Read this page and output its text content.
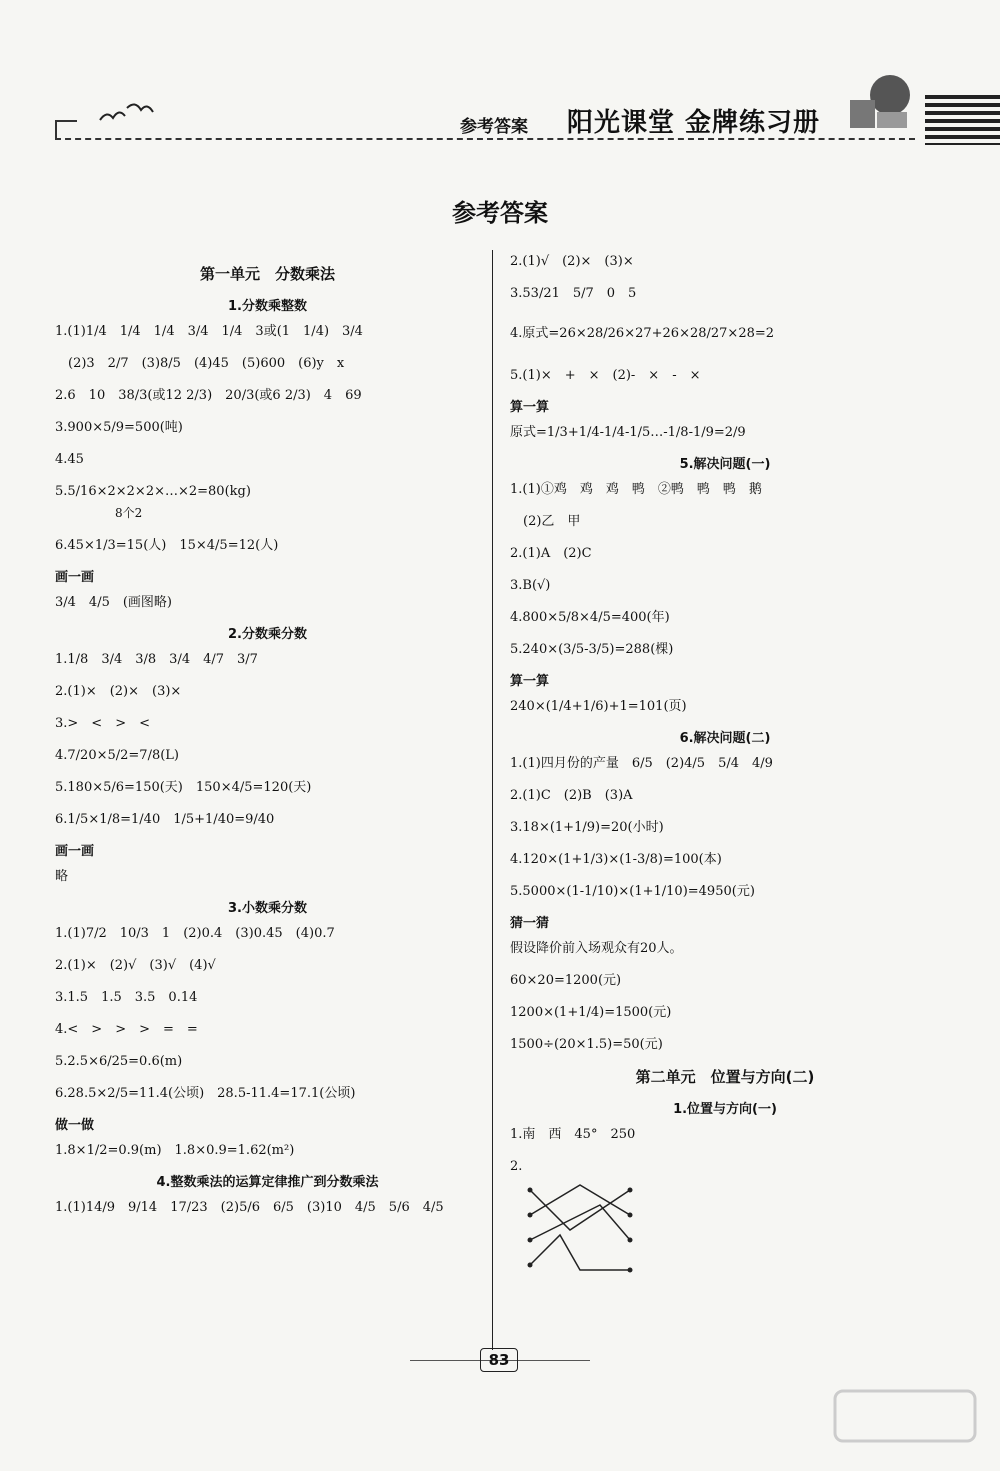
参考答案 阳光课堂 金牌练习册
参考答案
第一单元　分数乘法
1.分数乘整数
1.(1)1/4　1/4　1/4　3/4　1/4　3或(1　1/4)　3/4
　(2)3　2/7　(3)8/5　(4)45　(5)600　(6)y　x
2.6　10　38/3(或12 2/3)　20/3(或6 2/3)　4　69
3.900×5/9=500(吨)
4.45
5.5/16×2×2×2×…×2=80(kg)
　　　　　8个2
6.45×1/3=15(人)　15×4/5=12(人)
画一画
3/4　4/5　(画图略)
2.分数乘分数
1.1/8　3/4　3/8　3/4　4/7　3/7
2.(1)×　(2)×　(3)×
3.>　<　>　<
4.7/20×5/2=7/8(L)
5.180×5/6=150(天)　150×4/5=120(天)
6.1/5×1/8=1/40　1/5+1/40=9/40
画一画
略
3.小数乘分数
1.(1)7/2　10/3　1　(2)0.4　(3)0.45　(4)0.7
2.(1)×　(2)√　(3)√　(4)√
3.1.5　1.5　3.5　0.14
4.<　>　>　>　=　=
5.2.5×6/25=0.6(m)
6.28.5×2/5=11.4(公顷)　28.5-11.4=17.1(公顷)
做一做
1.8×1/2=0.9(m)　1.8×0.9=1.62(m²)
4.整数乘法的运算定律推广到分数乘法
1.(1)14/9　9/14　17/23　(2)5/6　6/5　(3)10　4/5　5/6　4/5
2.(1)√　(2)×　(3)×
3.53/21　5/7　0　5
4.原式=26×28/26×27+26×28/27×28=2
5.(1)×　+　×　(2)-　×　-　×
算一算
原式=1/3+1/4-1/4-1/5…-1/8-1/9=2/9
5.解决问题(一)
1.(1)①鸡　鸡　鸡　鸭　②鸭　鸭　鸭　鹅
　(2)乙　甲
2.(1)A　(2)C
3.B(√)
4.800×5/8×4/5=400(年)
5.240×(3/5-3/5)=288(棵)
算一算
240×(1/4+1/6)+1=101(页)
6.解决问题(二)
1.(1)四月份的产量　6/5　(2)4/5　5/4　4/9
2.(1)C　(2)B　(3)A
3.18×(1+1/9)=20(小时)
4.120×(1+1/3)×(1-3/8)=100(本)
5.5000×(1-1/10)×(1+1/10)=4950(元)
猜一猜
假设降价前入场观众有20人。
60×20=1200(元)
1200×(1+1/4)=1500(元)
1500÷(20×1.5)=50(元)
第二单元　位置与方向(二)
1.位置与方向(一)
1.南　西　45°　250
2.
83
